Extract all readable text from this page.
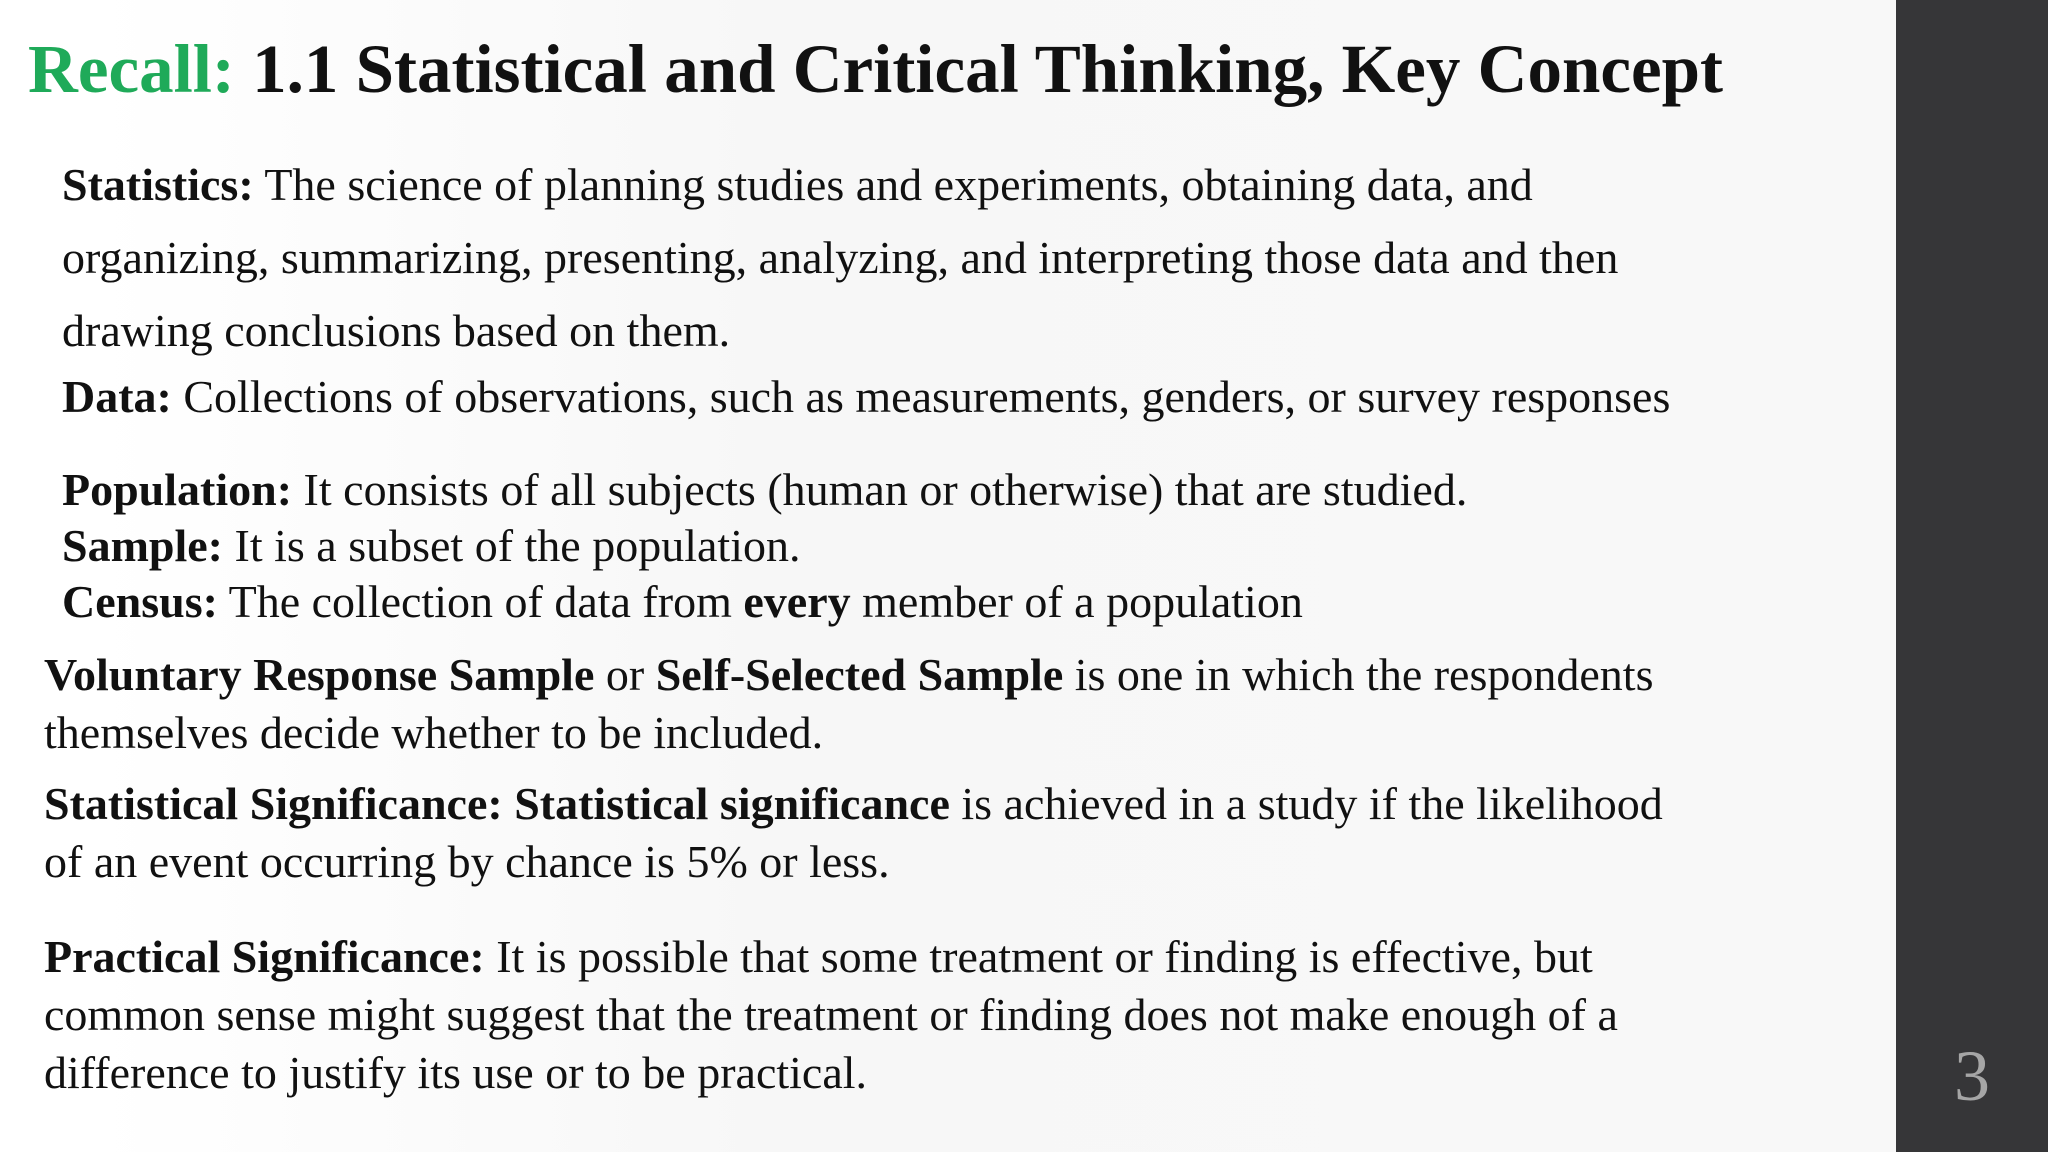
Recall: 1.1 Statistical and Critical Thinking, Key Concept
Statistics: The science of planning studies and experiments, obtaining data, and
organizing, summarizing, presenting, analyzing, and interpreting those data and then
drawing conclusions based on them.
Data: Collections of observations, such as measurements, genders, or survey responses
Population: It consists of all subjects (human or otherwise) that are studied.
Sample: It is a subset of the population.
Census: The collection of data from every member of a population
Voluntary Response Sample or Self-Selected Sample is one in which the respondents
themselves decide whether to be included.
Statistical Significance: Statistical significance is achieved in a study if the likelihood
of an event occurring by chance is 5% or less.
Practical Significance: It is possible that some treatment or finding is effective, but
common sense might suggest that the treatment or finding does not make enough of a
difference to justify its use or to be practical.	3
